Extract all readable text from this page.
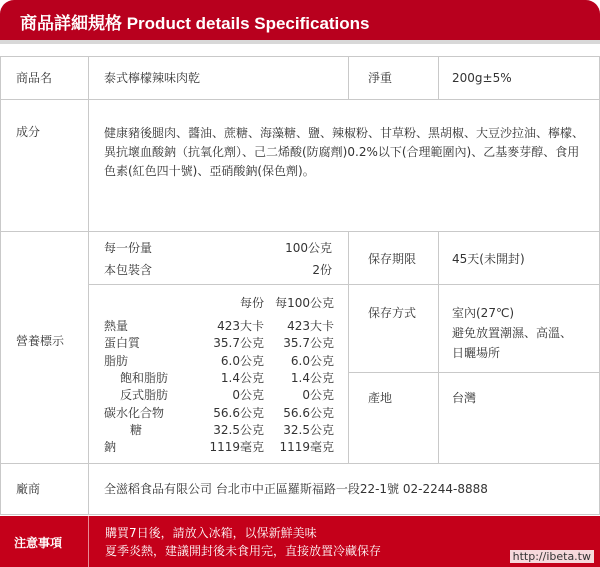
商品詳細規格 Product details Specifications
商品名	泰式檸檬辣味肉乾	淨重	200g±5%
成分	健康豬後腿肉、醬油、蔗糖、海藻糖、鹽、辣椒粉、甘草粉、黑胡椒、大豆沙拉油、檸檬、異抗壞血酸鈉（抗氧化劑）、己二烯酸(防腐劑)0.2%以下(合理範圍內)、乙基麥芽醇、食用色素(紅色四十號)、亞硝酸鈉(保色劑)。
營養標示
每一份量	100公克
本包裝含	2份
每份 每100公克
熱量	423大卡	423大卡
蛋白質	35.7公克	35.7公克
脂肪	6.0公克	6.0公克
飽和脂肪	1.4公克	1.4公克
反式脂肪	0公克	0公克
碳水化合物	56.6公克	56.6公克
糖	32.5公克	32.5公克
鈉	1119毫克	1119毫克
保存期限	45天(未開封)
保存方式	室內(27℃)
避免放置潮濕、高溫、
日曬場所
產地	台灣
廠商	全滋稻食品有限公司 台北市中正區羅斯福路一段22-1號 02-2244-8888
注意事項
購買7日後，請放入冰箱，以保新鮮美味
夏季炎熱，建議開封後未食用完，直接放置冷藏保存	http://ibeta.tw
